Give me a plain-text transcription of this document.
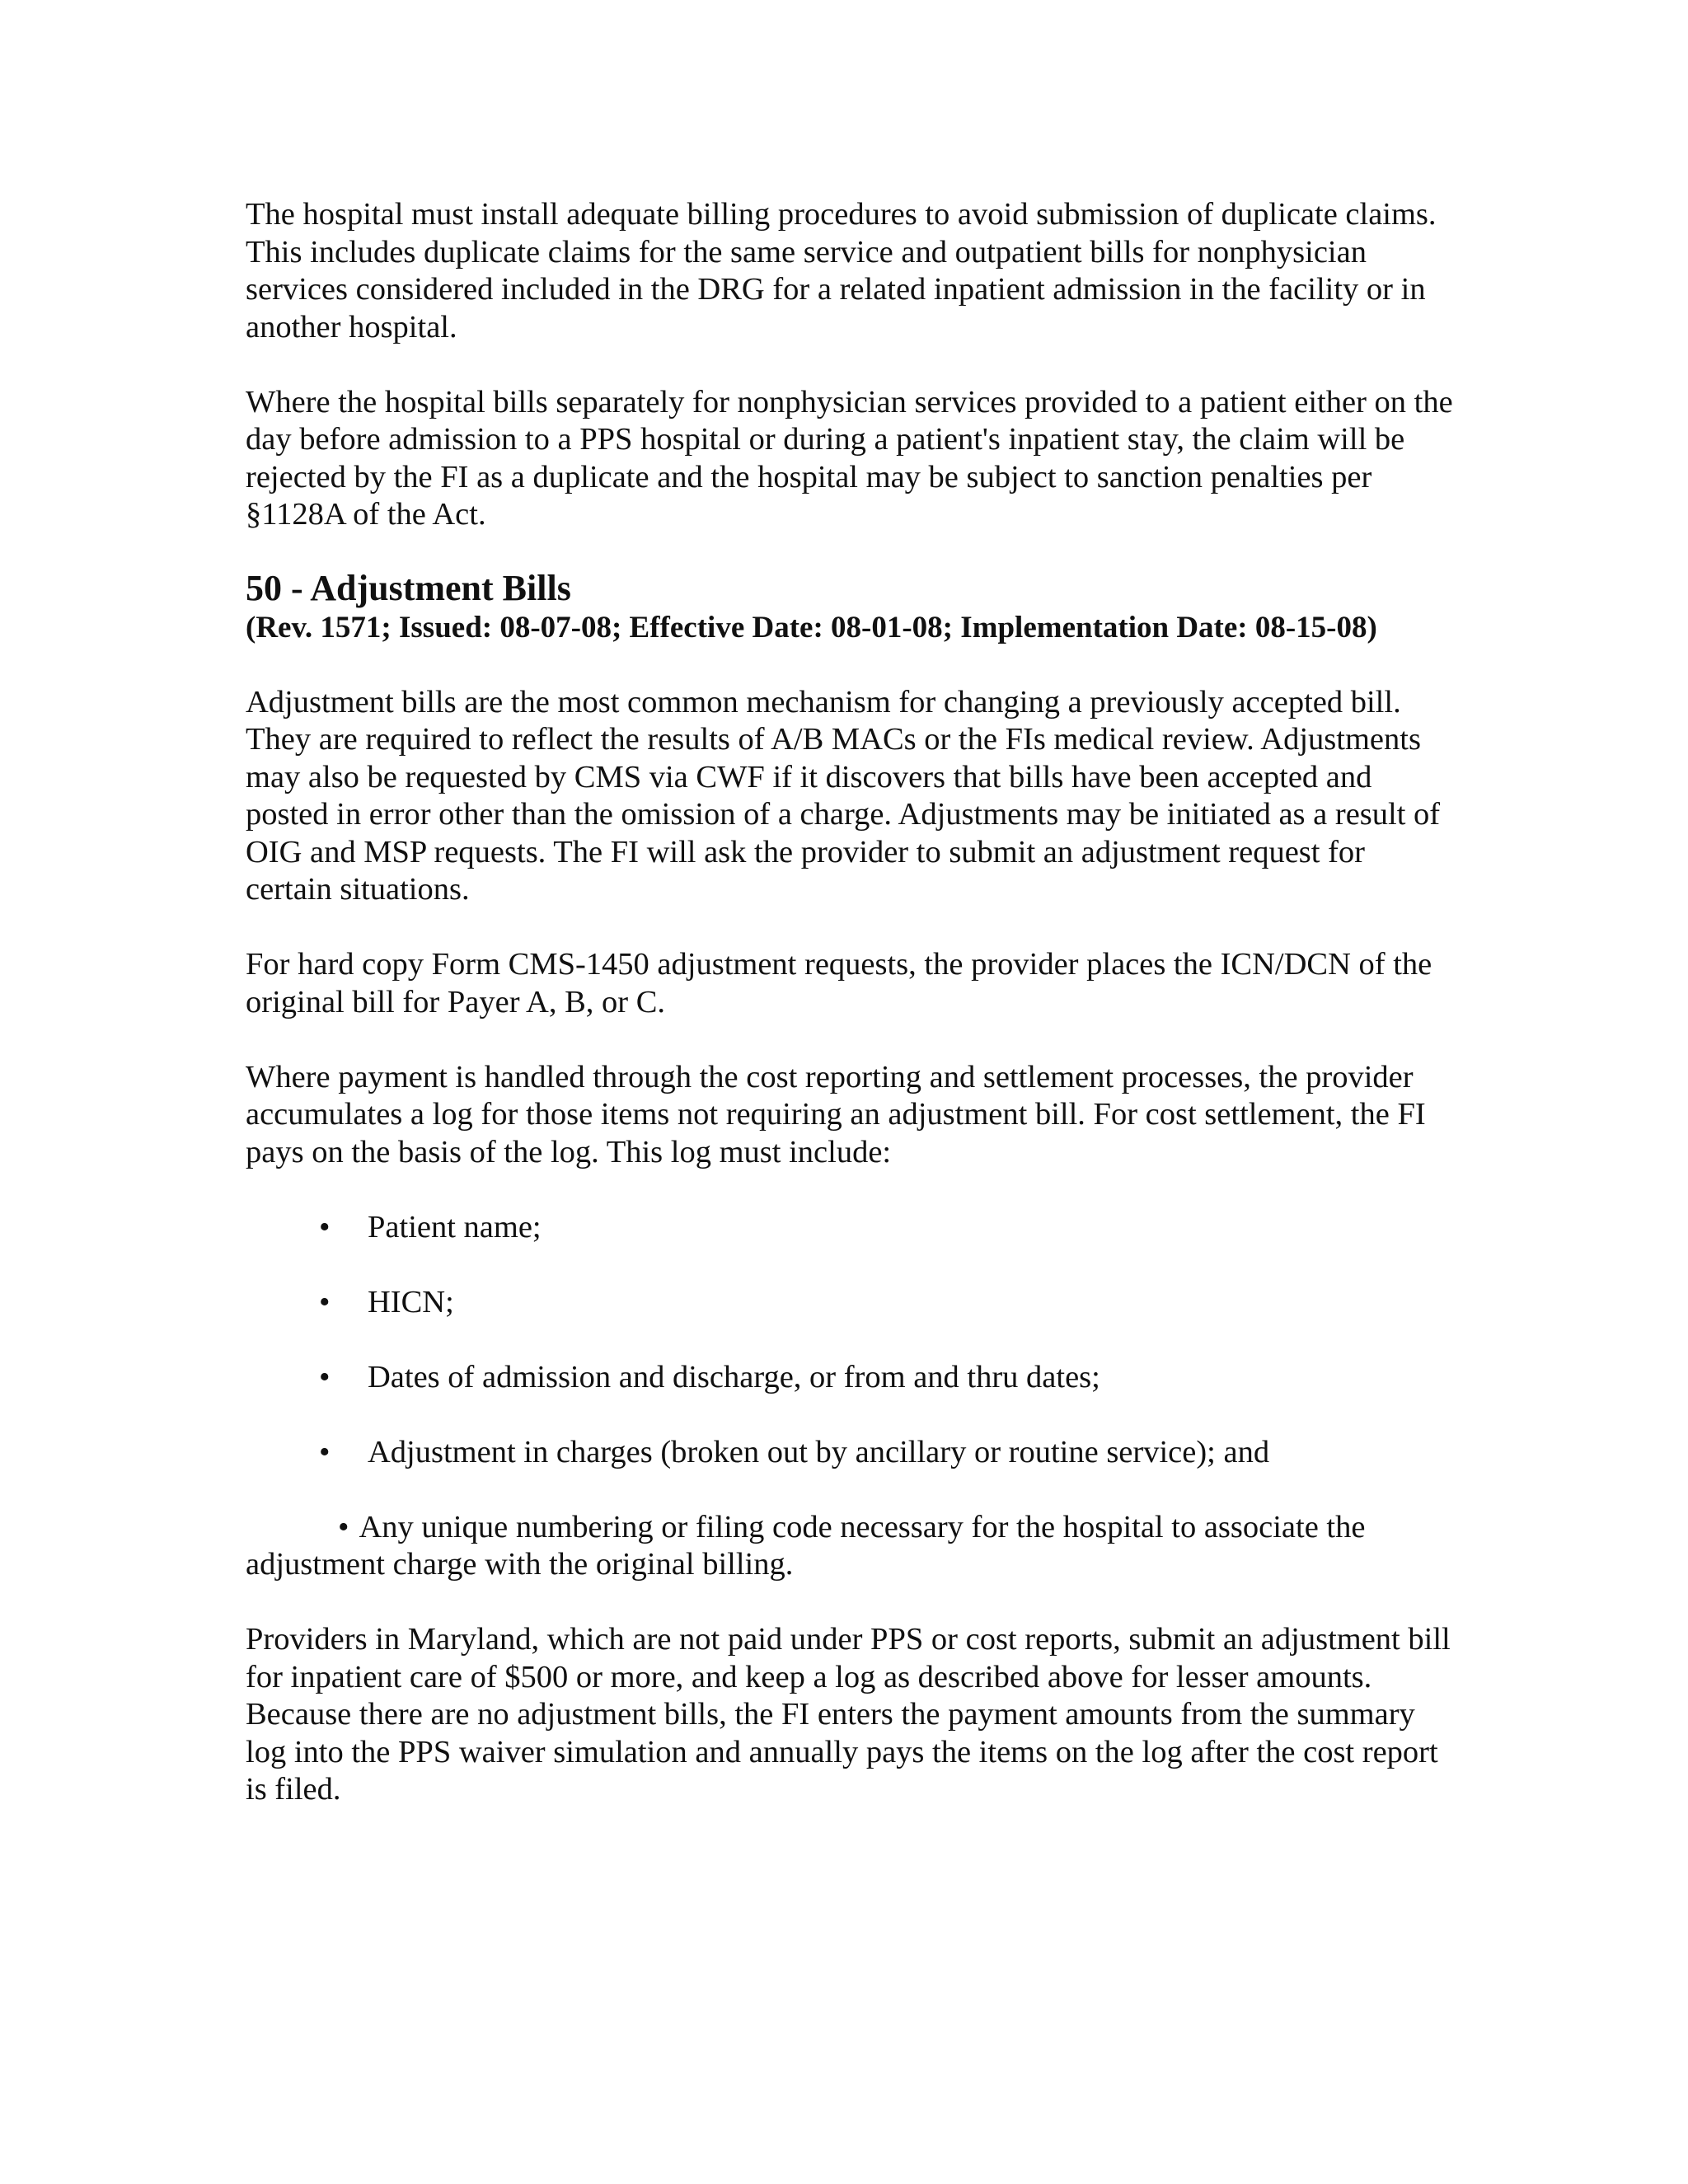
The hospital must install adequate billing procedures to avoid submission of duplicate claims. This includes duplicate claims for the same service and outpatient bills for nonphysician services considered included in the DRG for a related inpatient admission in the facility or in another hospital.

Where the hospital bills separately for nonphysician services provided to a patient either on the day before admission to a PPS hospital or during a patient's inpatient stay, the claim will be rejected by the FI as a duplicate and the hospital may be subject to sanction penalties per §1128A of the Act.

50 - Adjustment Bills

(Rev. 1571; Issued: 08-07-08; Effective Date: 08-01-08; Implementation Date: 08-15-08)

Adjustment bills are the most common mechanism for changing a previously accepted bill. They are required to reflect the results of A/B MACs or the FIs medical review. Adjustments may also be requested by CMS via CWF if it discovers that bills have been accepted and posted in error other than the omission of a charge. Adjustments may be initiated as a result of OIG and MSP requests. The FI will ask the provider to submit an adjustment request for certain situations.

For hard copy Form CMS-1450 adjustment requests, the provider places the ICN/DCN of the original bill for Payer A, B, or C.

Where payment is handled through the cost reporting and settlement processes, the provider accumulates a log for those items not requiring an adjustment bill. For cost settlement, the FI pays on the basis of the log. This log must include:

• Patient name;
• HICN;
• Dates of admission and discharge, or from and thru dates;
• Adjustment in charges (broken out by ancillary or routine service); and

• Any unique numbering or filing code necessary for the hospital to associate the adjustment charge with the original billing.

Providers in Maryland, which are not paid under PPS or cost reports, submit an adjustment bill for inpatient care of $500 or more, and keep a log as described above for lesser amounts. Because there are no adjustment bills, the FI enters the payment amounts from the summary log into the PPS waiver simulation and annually pays the items on the log after the cost report is filed.
